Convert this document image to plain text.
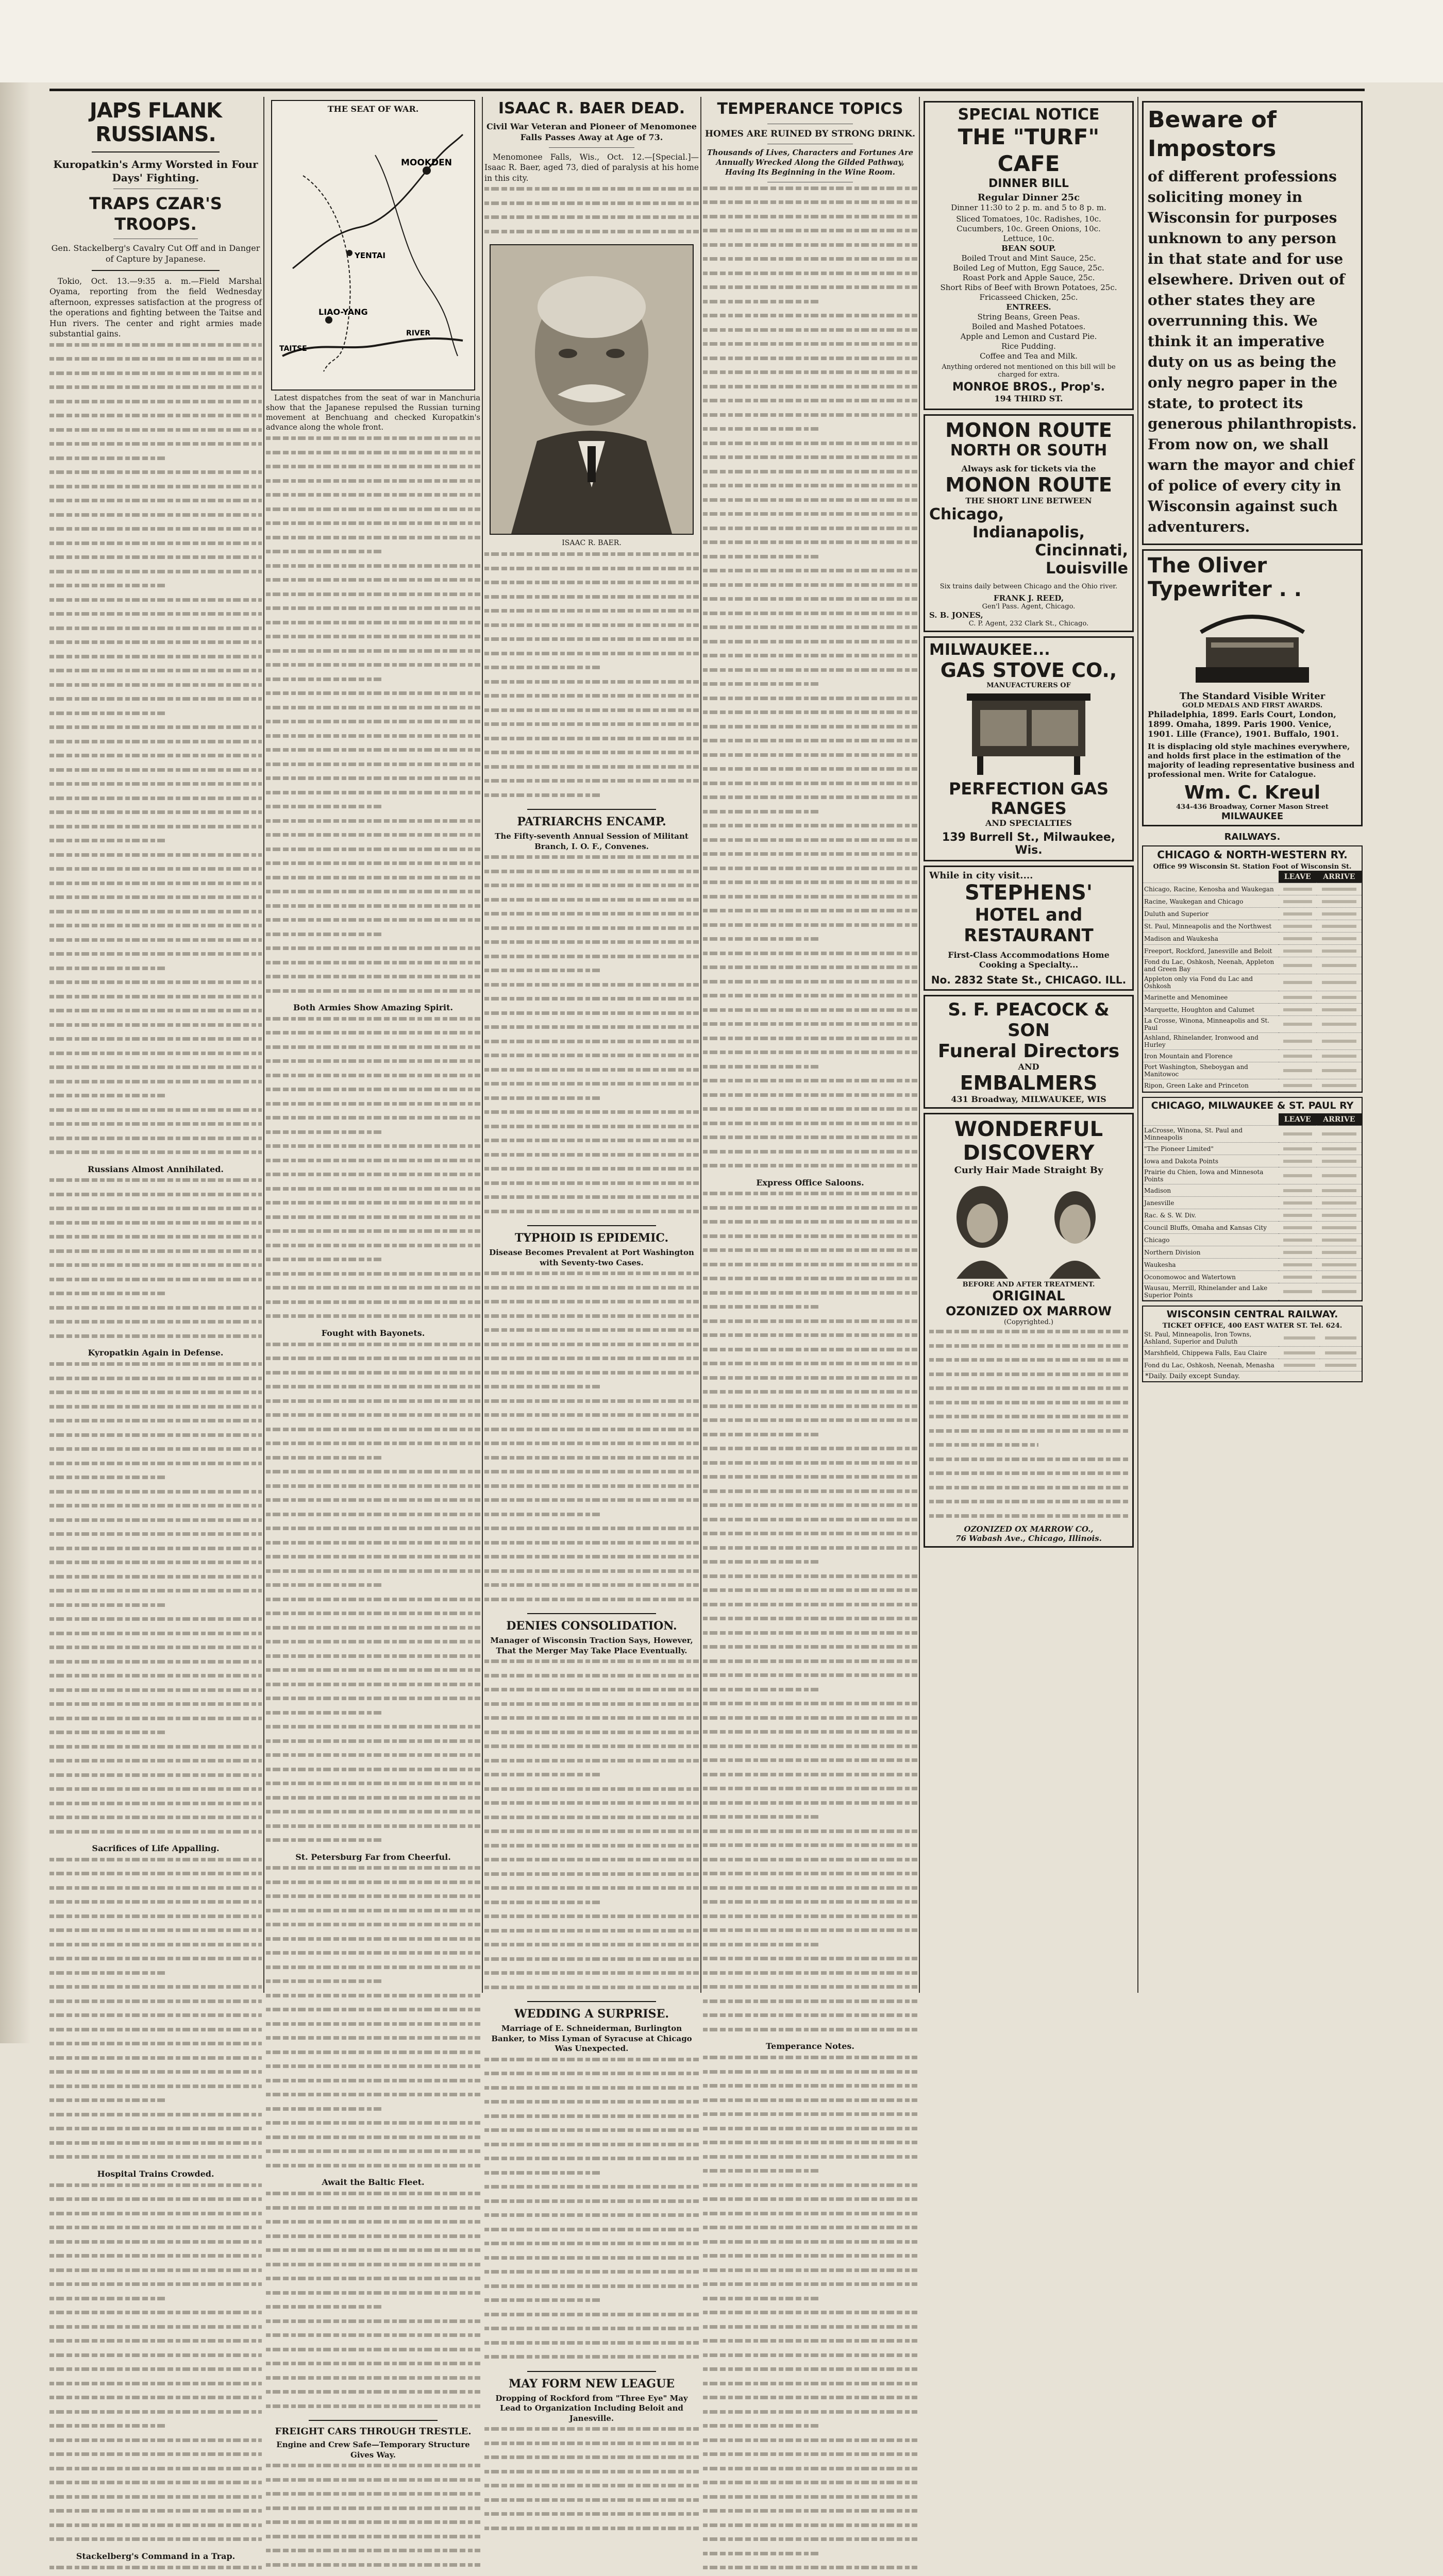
JAPS FLANK RUSSIANS.
Kuropatkin's Army Worsted in Four Days' Fighting.
TRAPS CZAR'S TROOPS.
Gen. Stackelberg's Cavalry Cut Off and in Danger of Capture by Japanese.

Tokio, Oct. 13.—9:35 a. m.—Field Marshal Oyama, reporting from the field Wednesday afternoon, expresses satisfaction at the progress of the operations and fighting between the Taitse and Hun rivers. The center and right armies made substantial gains.

Russians Almost Annihilated.
Kyropatkin Again in Defense.
Sacrifices of Life Appalling.
Hospital Trains Crowded.
Stackelberg's Command in a Trap.
THE SEAT OF WAR.
MOOKDEN
YENTAI
LIAO-YANG
TAITSE
RIVER

Latest dispatches from the seat of war in Manchuria show that the Japanese repulsed the Russian turning movement at Benchuang and checked Kuropatkin's advance along the whole front.

Both Armies Show Amazing Spirit.
Fought with Bayonets.
St. Petersburg Far from Cheerful.
Await the Baltic Fleet.
FREIGHT CARS THROUGH TRESTLE.
Engine and Crew Safe—Temporary Structure Gives Way.
ISAAC R. BAER DEAD.
Civil War Veteran and Pioneer of Menomonee Falls Passes Away at Age of 73.

Menomonee Falls, Wis., Oct. 12.—[Special.]—Isaac R. Baer, aged 73, died of paralysis at his home in this city.

ISAAC R. BAER.
PATRIARCHS ENCAMP.
The Fifty-seventh Annual Session of Militant Branch, I. O. F., Convenes.
TYPHOID IS EPIDEMIC.
Disease Becomes Prevalent at Port Washington with Seventy-two Cases.
DENIES CONSOLIDATION.
Manager of Wisconsin Traction Says, However, That the Merger May Take Place Eventually.
WEDDING A SURPRISE.
Marriage of E. Schneiderman, Burlington Banker, to Miss Lyman of Syracuse at Chicago Was Unexpected.
MAY FORM NEW LEAGUE
Dropping of Rockford from "Three Eye" May Lead to Organization Including Beloit and Janesville.
TEMPERANCE TOPICS
HOMES ARE RUINED BY STRONG DRINK.
Thousands of Lives, Characters and Fortunes Are Annually Wrecked Along the Gilded Pathway, Having Its Beginning in the Wine Room.
Express Office Saloons.
Temperance Notes.
SPECIAL NOTICE
THE "TURF" CAFE
DINNER BILL
Regular Dinner 25c
Dinner 11:30 to 2 p. m. and 5 to 8 p. m.
Sliced Tomatoes, 10c. Radishes, 10c.
Cucumbers, 10c. Green Onions, 10c.
Lettuce, 10c.
BEAN SOUP.
Boiled Trout and Mint Sauce, 25c.
Boiled Leg of Mutton, Egg Sauce, 25c.
Roast Pork and Apple Sauce, 25c.
Short Ribs of Beef with Brown Potatoes, 25c.
Fricasseed Chicken, 25c.
ENTREES.
String Beans, Green Peas.
Boiled and Mashed Potatoes.
Apple and Lemon and Custard Pie.
Rice Pudding.
Coffee and Tea and Milk.
Anything ordered not mentioned on this bill will be charged for extra.
MONROE BROS., Prop's.
194 THIRD ST.
MONON ROUTE
NORTH OR SOUTH
Always ask for tickets via the
MONON ROUTE
THE SHORT LINE BETWEEN
Chicago,
Indianapolis,
Cincinnati,
Louisville
Six trains daily between Chicago and the Ohio river.
FRANK J. REED,
Gen'l Pass. Agent, Chicago.
S. B. JONES,
C. P. Agent, 232 Clark St., Chicago.
MILWAUKEE...
GAS STOVE CO.,
MANUFACTURERS OF
PERFECTION GAS RANGES
AND SPECIALTIES
139 Burrell St., Milwaukee, Wis.
While in city visit....
STEPHENS'
HOTEL and RESTAURANT
First-Class Accommodations Home Cooking a Specialty...
No. 2832 State St., CHICAGO. ILL.
S. F. PEACOCK & SON
Funeral Directors
AND
EMBALMERS
431 Broadway, MILWAUKEE, WIS
WONDERFUL
DISCOVERY
Curly Hair Made Straight By
BEFORE AND AFTER TREATMENT.
ORIGINAL
OZONIZED OX MARROW
(Copyrighted.)
OZONIZED OX MARROW CO.,
76 Wabash Ave., Chicago, Illinois.
Beware of Impostors
of different professions soliciting money in Wisconsin for purposes unknown to any person in that state and for use elsewhere. Driven out of other states they are overrunning this. We think it an imperative duty on us as being the only negro paper in the state, to protect its generous philanthropists. From now on, we shall warn the mayor and chief of police of every city in Wisconsin against such adventurers.
The Oliver
Typewriter . .
The Standard Visible Writer
GOLD MEDALS AND FIRST AWARDS.
Philadelphia, 1899. Earls Court, London, 1899. Omaha, 1899. Paris 1900. Venice, 1901. Lille (France), 1901. Buffalo, 1901.
It is displacing old style machines everywhere, and holds first place in the estimation of the majority of leading representative business and professional men. Write for Catalogue.
Wm. C. Kreul
434-436 Broadway, Corner Mason Street
MILWAUKEE
RAILWAYS.
CHICAGO & NORTH-WESTERN RY.
Office 99 Wisconsin St. Station Foot of Wisconsin St.
	LEAVE	ARRIVE
Chicago, Racine, Kenosha and Waukegan	

Racine, Waukegan and Chicago	

Duluth and Superior	

St. Paul, Minneapolis and the Northwest	

Madison and Waukesha	

Freeport, Rockford, Janesville and Beloit	

Fond du Lac, Oshkosh, Neenah, Appleton and Green Bay	

Appleton only via Fond du Lac and Oshkosh	

Marinette and Menominee	

Marquette, Houghton and Calumet	

La Crosse, Winona, Minneapolis and St. Paul	

Ashland, Rhinelander, Ironwood and Hurley	

Iron Mountain and Florence	

Port Washington, Sheboygan and Manitowoc	

Ripon, Green Lake and Princeton	

CHICAGO, MILWAUKEE & ST. PAUL RY
	LEAVE	ARRIVE
LaCrosse, Winona, St. Paul and Minneapolis	

"The Pioneer Limited"	

Iowa and Dakota Points	

Prairie du Chien, Iowa and Minnesota Points	

Madison	

Janesville	

Rac. & S. W. Div.	

Council Bluffs, Omaha and Kansas City	

Chicago	

Northern Division	

Waukesha	

Oconomowoc and Watertown	

Wausau, Merrill, Rhinelander and Lake Superior Points	

WISCONSIN CENTRAL RAILWAY.
TICKET OFFICE, 400 EAST WATER ST. Tel. 624.
St. Paul, Minneapolis, Iron Towns, Ashland, Superior and Duluth	

Marshfield, Chippewa Falls, Eau Claire	

Fond du Lac, Oshkosh, Neenah, Menasha	

*Daily. Daily except Sunday.
